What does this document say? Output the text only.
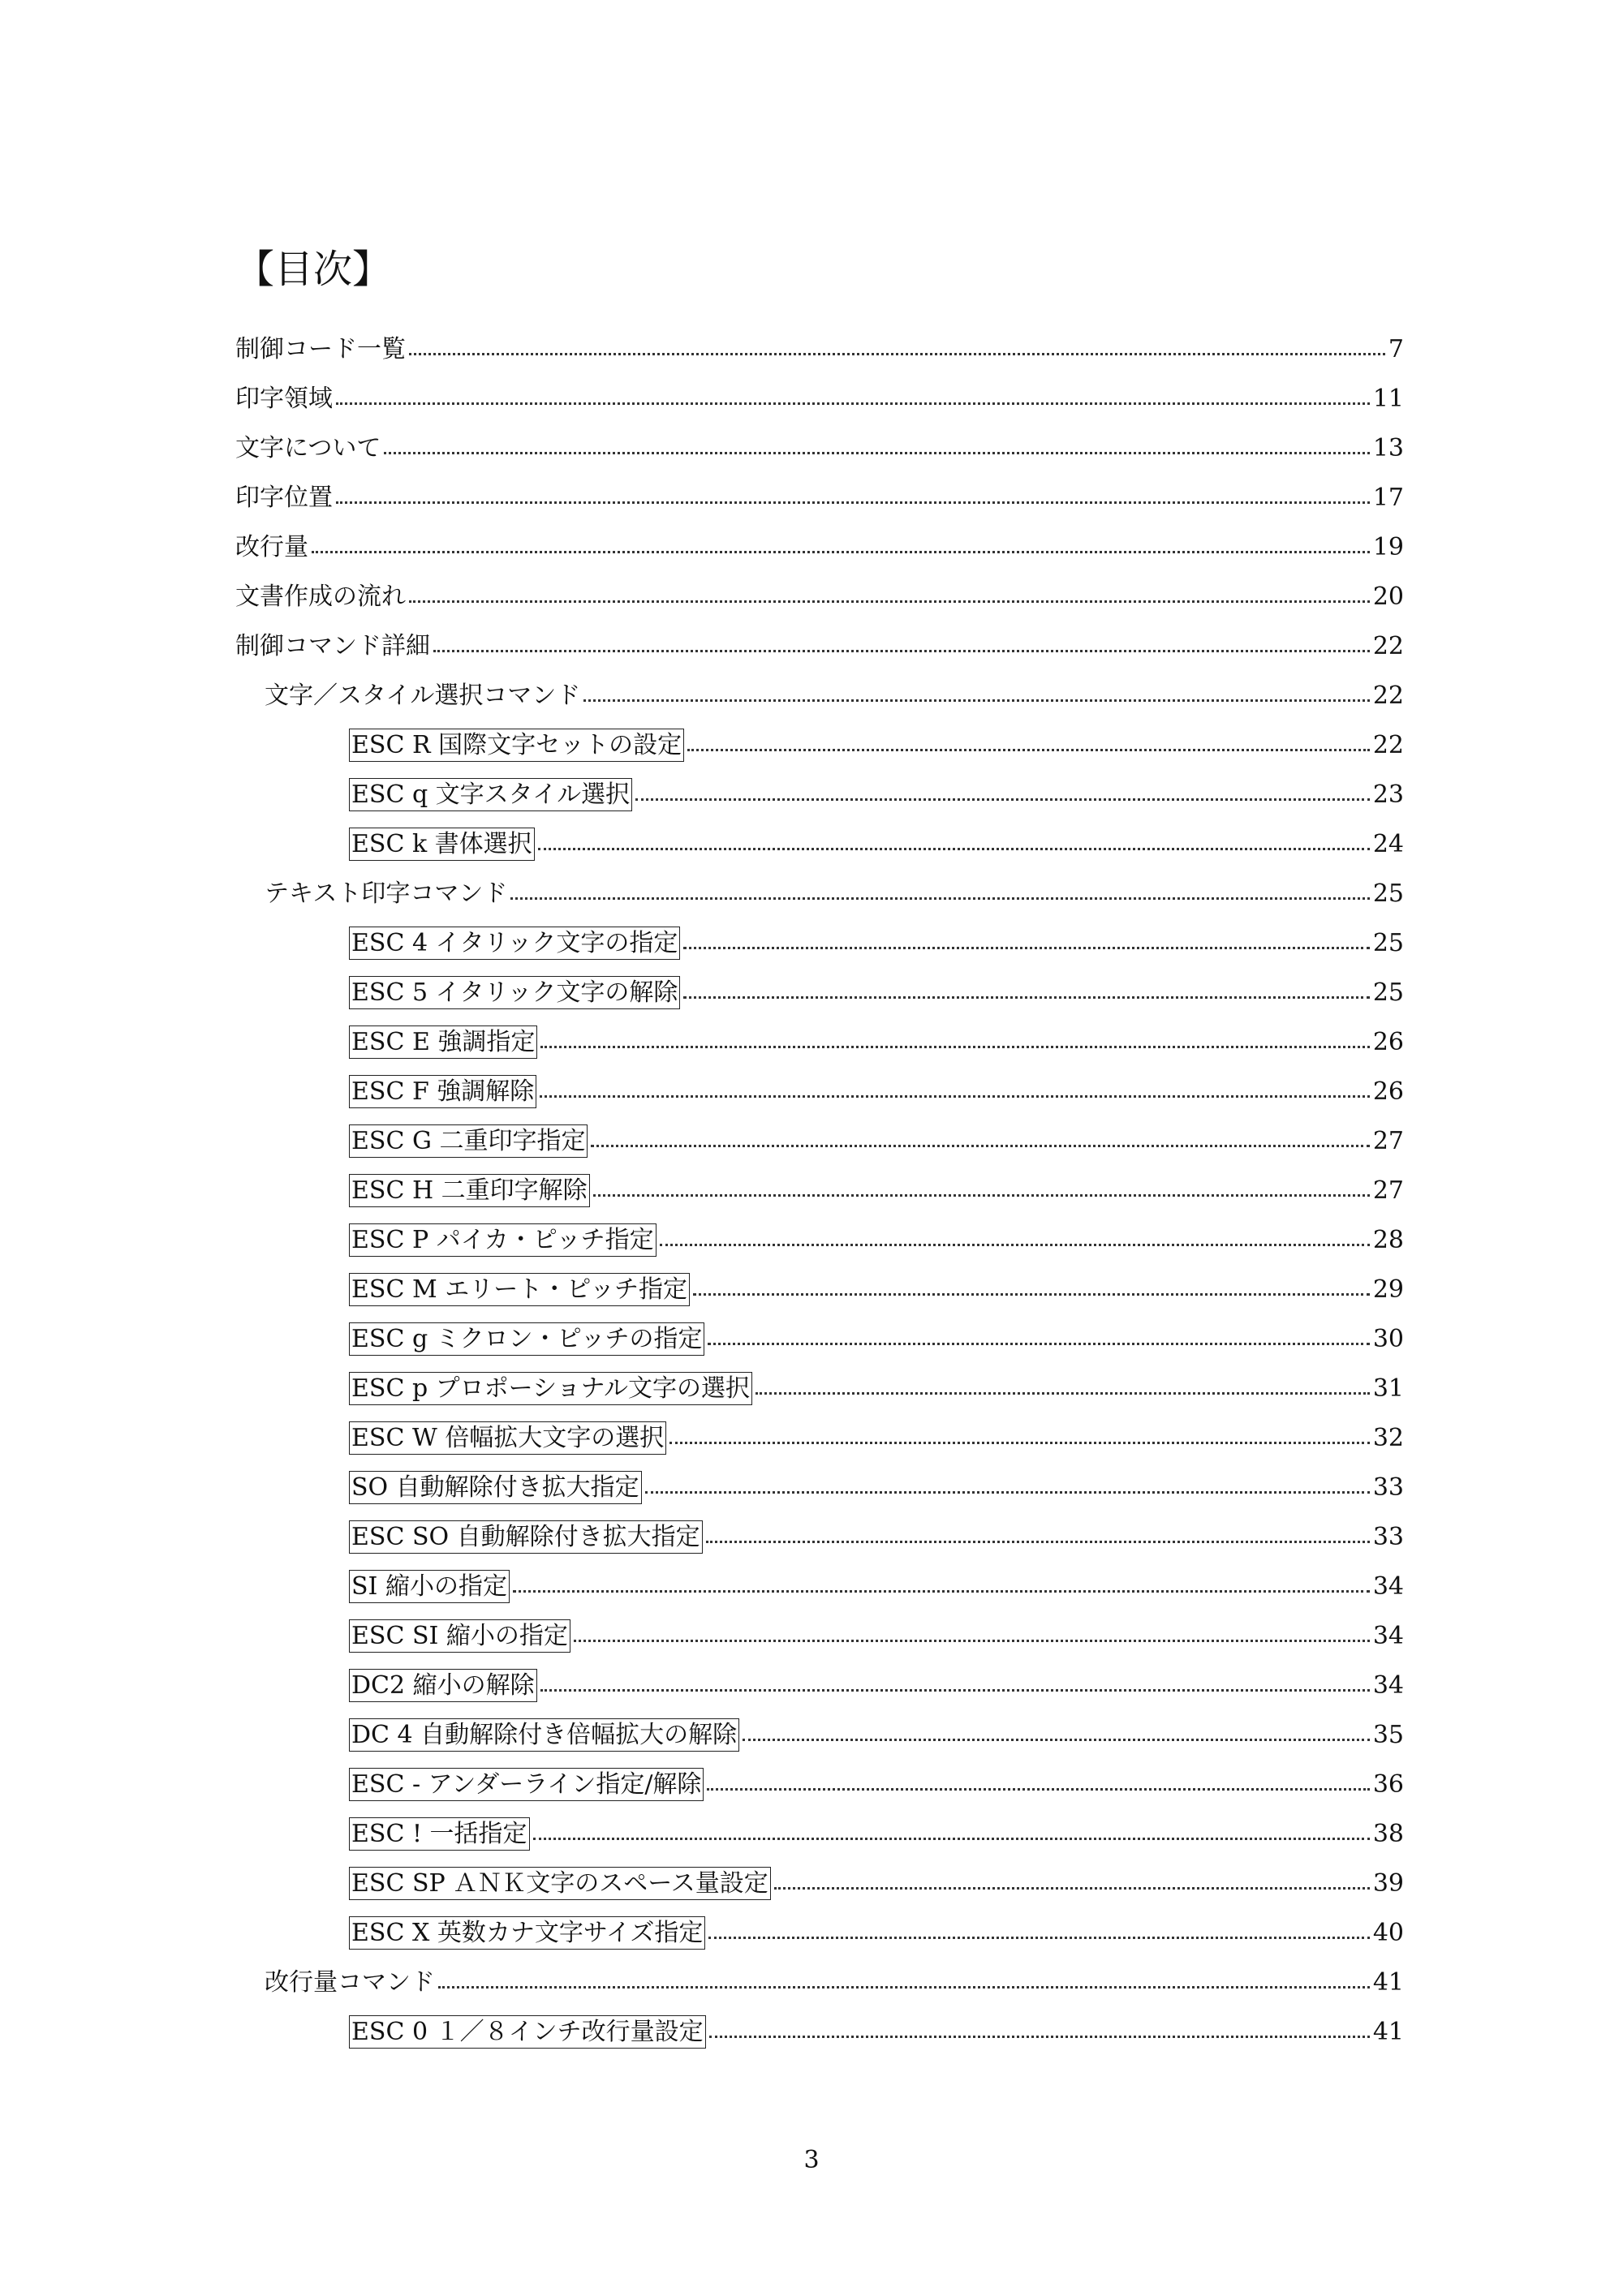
【目次】
制御コード一覧	7
印字領域	11
文字について	13
印字位置	17
改行量	19
文書作成の流れ	20
制御コマンド詳細	22
文字／スタイル選択コマンド	22
ESC R 国際文字セットの設定	22
ESC q 文字スタイル選択	23
ESC k 書体選択	24
テキスト印字コマンド	25
ESC 4 イタリック文字の指定	25
ESC 5 イタリック文字の解除	25
ESC E 強調指定	26
ESC F 強調解除	26
ESC G 二重印字指定	27
ESC H 二重印字解除	27
ESC P パイカ・ピッチ指定	28
ESC M エリート・ピッチ指定	29
ESC g ミクロン・ピッチの指定	30
ESC p プロポーショナル文字の選択	31
ESC W 倍幅拡大文字の選択	32
SO 自動解除付き拡大指定	33
ESC SO 自動解除付き拡大指定	33
SI 縮小の指定	34
ESC SI 縮小の指定	34
DC2 縮小の解除	34
DC 4 自動解除付き倍幅拡大の解除	35
ESC - アンダーライン指定/解除	36
ESC ! 一括指定	38
ESC SP ＡＮＫ文字のスペース量設定	39
ESC X 英数カナ文字サイズ指定	40
改行量コマンド	41
ESC 0 １／８インチ改行量設定	41
3
